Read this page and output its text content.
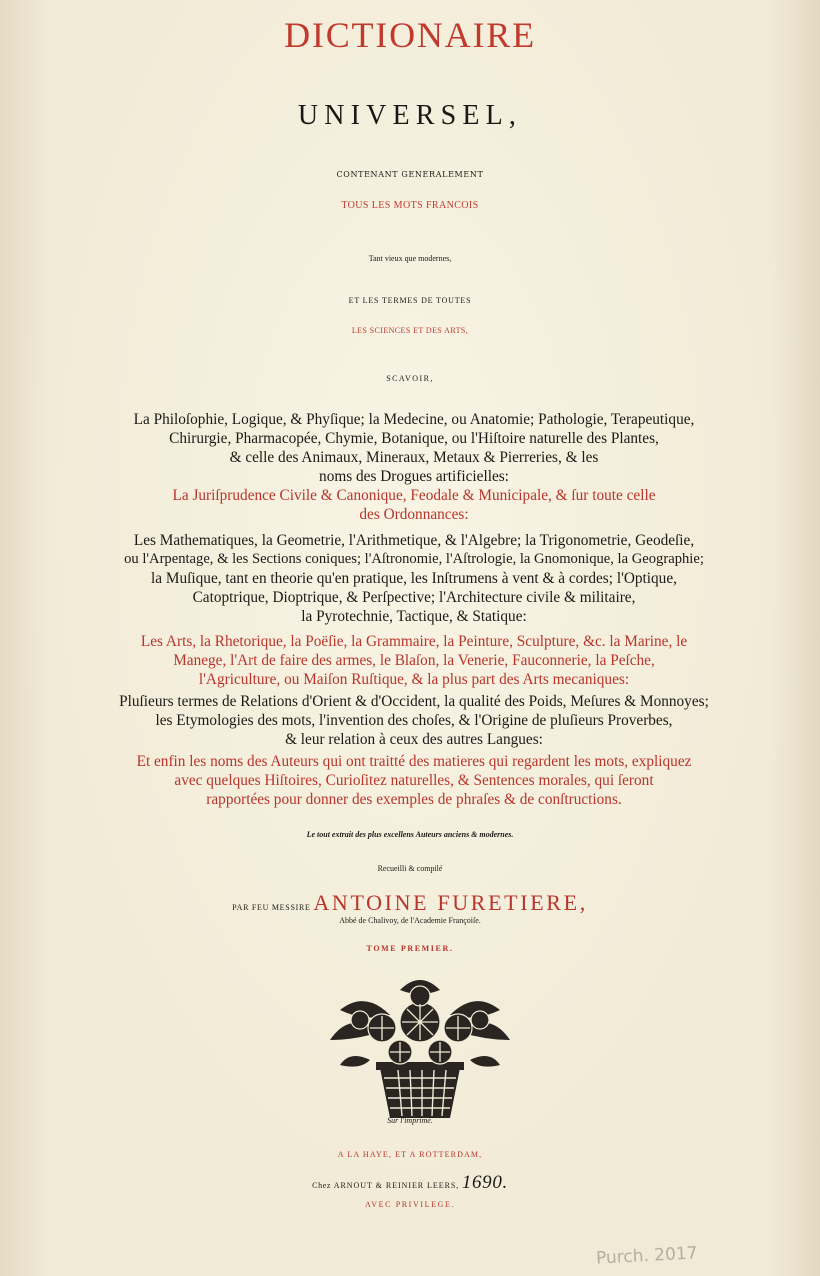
DICTIONAIRE
UNIVERSEL,
CONTENANT GENERALEMENT
TOUS LES MOTS FRANCOIS
Tant vieux que modernes,
ET LES TERMES DE TOUTES
LES SCIENCES ET DES ARTS,
SCAVOIR,
La Philoſophie, Logique, & Phyſique; la Medecine, ou Anatomie; Pathologie, Terapeutique,
Chirurgie, Pharmacopée, Chymie, Botanique, ou l'Hiſtoire naturelle des Plantes,
& celle des Animaux, Mineraux, Metaux & Pierreries, & les
noms des Drogues artificielles:
La Juriſprudence Civile & Canonique, Feodale & Municipale, & ſur toute celle
des Ordonnances:
Les Mathematiques, la Geometrie, l'Arithmetique, & l'Algebre; la Trigonometrie, Geodeſie,
ou l'Arpentage, & les Sections coniques; l'Aſtronomie, l'Aſtrologie, la Gnomonique, la Geographie;
la Muſique, tant en theorie qu'en pratique, les Inſtrumens à vent & à cordes; l'Optique,
Catoptrique, Dioptrique, & Perſpective; l'Architecture civile & militaire,
la Pyrotechnie, Tactique, & Statique:
Les Arts, la Rhetorique, la Poëſie, la Grammaire, la Peinture, Sculpture, &c. la Marine, le
Manege, l'Art de faire des armes, le Blaſon, la Venerie, Fauconnerie, la Peſche,
l'Agriculture, ou Maiſon Ruſtique, & la plus part des Arts mecaniques:
Pluſieurs termes de Relations d'Orient & d'Occident, la qualité des Poids, Meſures & Monnoyes;
les Etymologies des mots, l'invention des choſes, & l'Origine de pluſieurs Proverbes,
& leur relation à ceux des autres Langues:
Et enfin les noms des Auteurs qui ont traitté des matieres qui regardent les mots, expliquez
avec quelques Hiſtoires, Curioſitez naturelles, & Sentences morales, qui ſeront
rapportées pour donner des exemples de phraſes & de conſtructions.
Le tout extrait des plus excellens Auteurs anciens & modernes.
Recueilli & compilé
PAR FEU MESSIRE ANTOINE FURETIERE,
Abbé de Chalivoy, de l'Academie Françoiſe.
TOME PREMIER.
Sur l'imprimé.
A LA HAYE, ET A ROTTERDAM,
Chez ARNOUT & REINIER LEERS, 1690.
AVEC PRIVILEGE.
Purch. 2017
